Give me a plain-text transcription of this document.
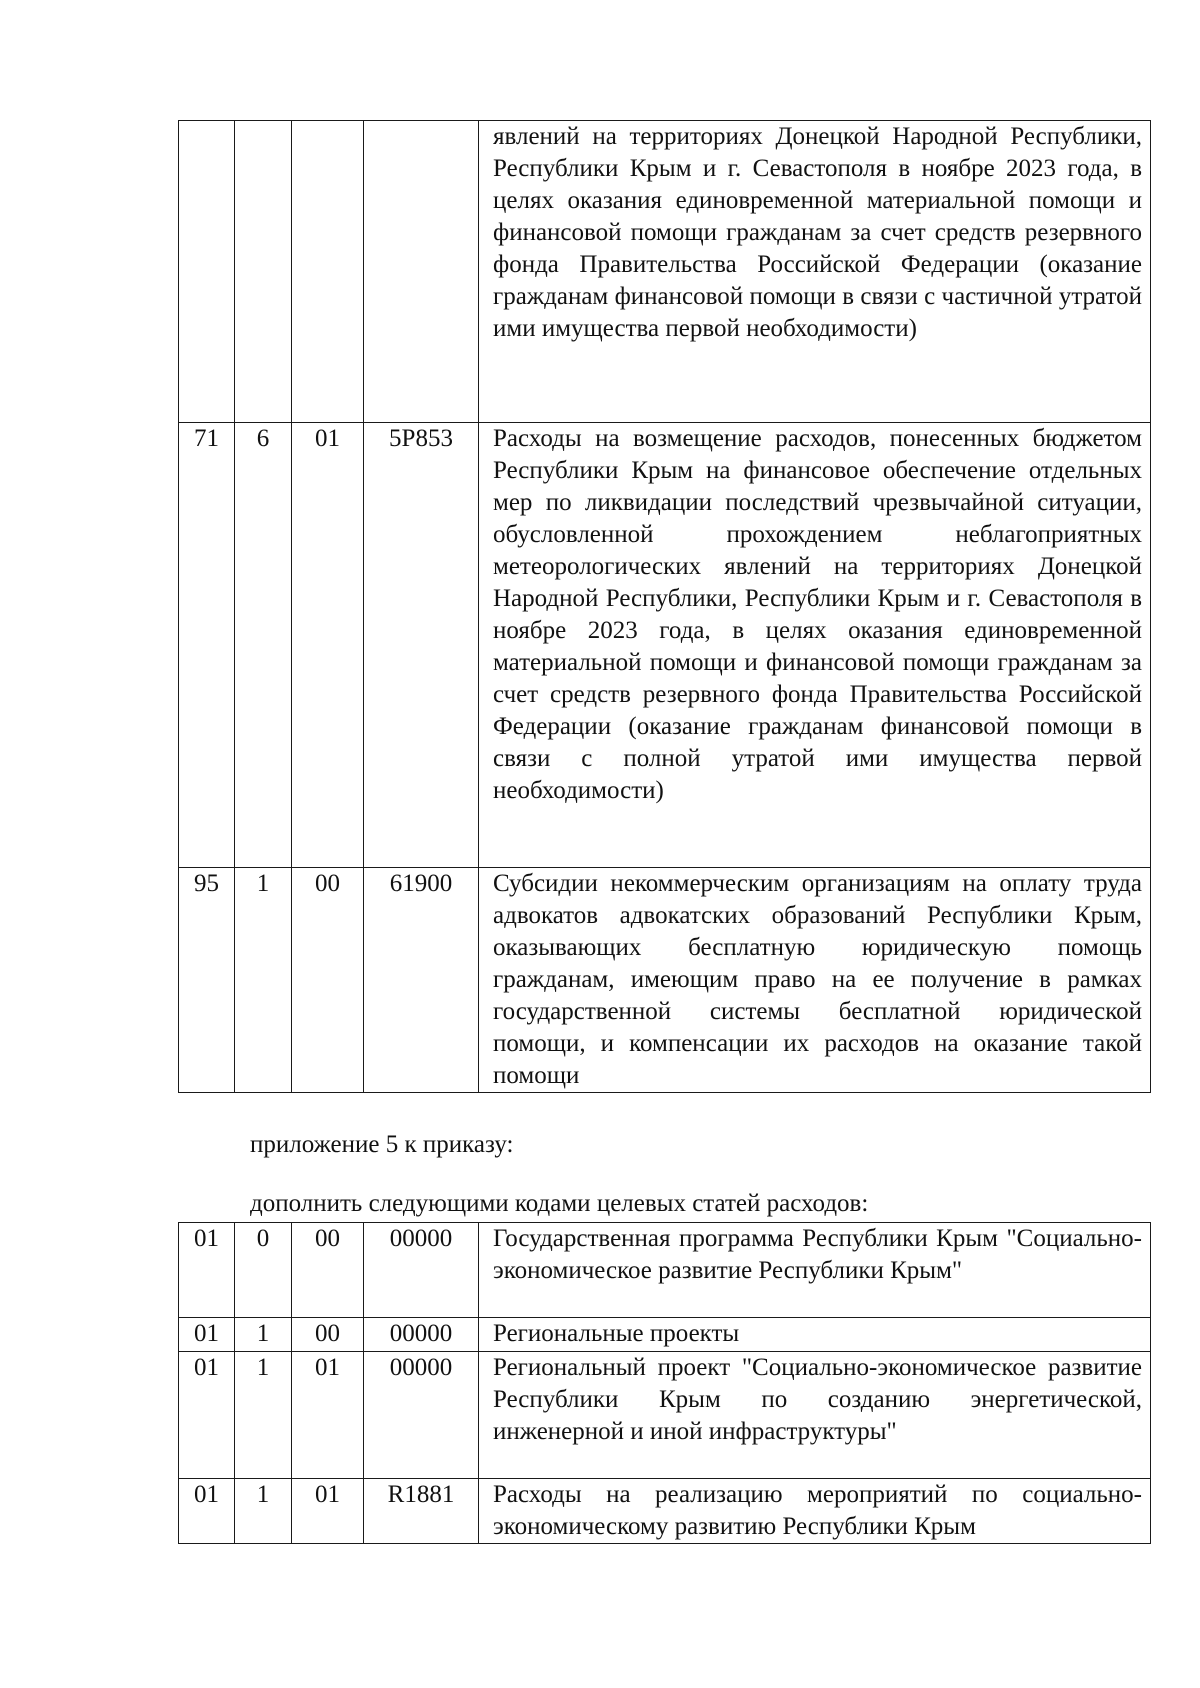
				явлений на территориях Донецкой Народной Республики, Республики Крым и г. Севастополя в ноябре 2023 года, в целях оказания единовременной материальной помощи и финансовой помощи гражданам за счет средств резервного фонда Правительства Российской Федерации (оказание гражданам финансовой помощи в связи с частичной утратой ими имущества первой необходимости)
71	6	01	5P853	Расходы на возмещение расходов, понесенных бюджетом Республики Крым на финансовое обеспечение отдельных мер по ликвидации последствий чрезвычайной ситуации, обусловленной прохождением неблагоприятных метеорологических явлений на территориях Донецкой Народной Республики, Республики Крым и г. Севастополя в ноябре 2023 года, в целях оказания единовременной материальной помощи и финансовой помощи гражданам за счет средств резервного фонда Правительства Российской Федерации (оказание гражданам финансовой помощи в связи с полной утратой ими имущества первой необходимости)
95	1	00	61900	Субсидии некоммерческим организациям на оплату труда адвокатов адвокатских образований Республики Крым, оказывающих бесплатную юридическую помощь гражданам, имеющим право на ее получение в рамках государственной системы бесплатной юридической помощи, и компенсации их расходов на оказание такой помощи
приложение 5 к приказу:
дополнить следующими кодами целевых статей расходов:
01	0	00	00000	Государственная программа Республики Крым "Социально-экономическое развитие Республики Крым"
01	1	00	00000	Региональные проекты
01	1	01	00000	Региональный проект "Социально-экономическое развитие Республики Крым по созданию энергетической, инженерной и иной инфраструктуры"
01	1	01	R1881	Расходы на реализацию мероприятий по социально-экономическому развитию Республики Крым
